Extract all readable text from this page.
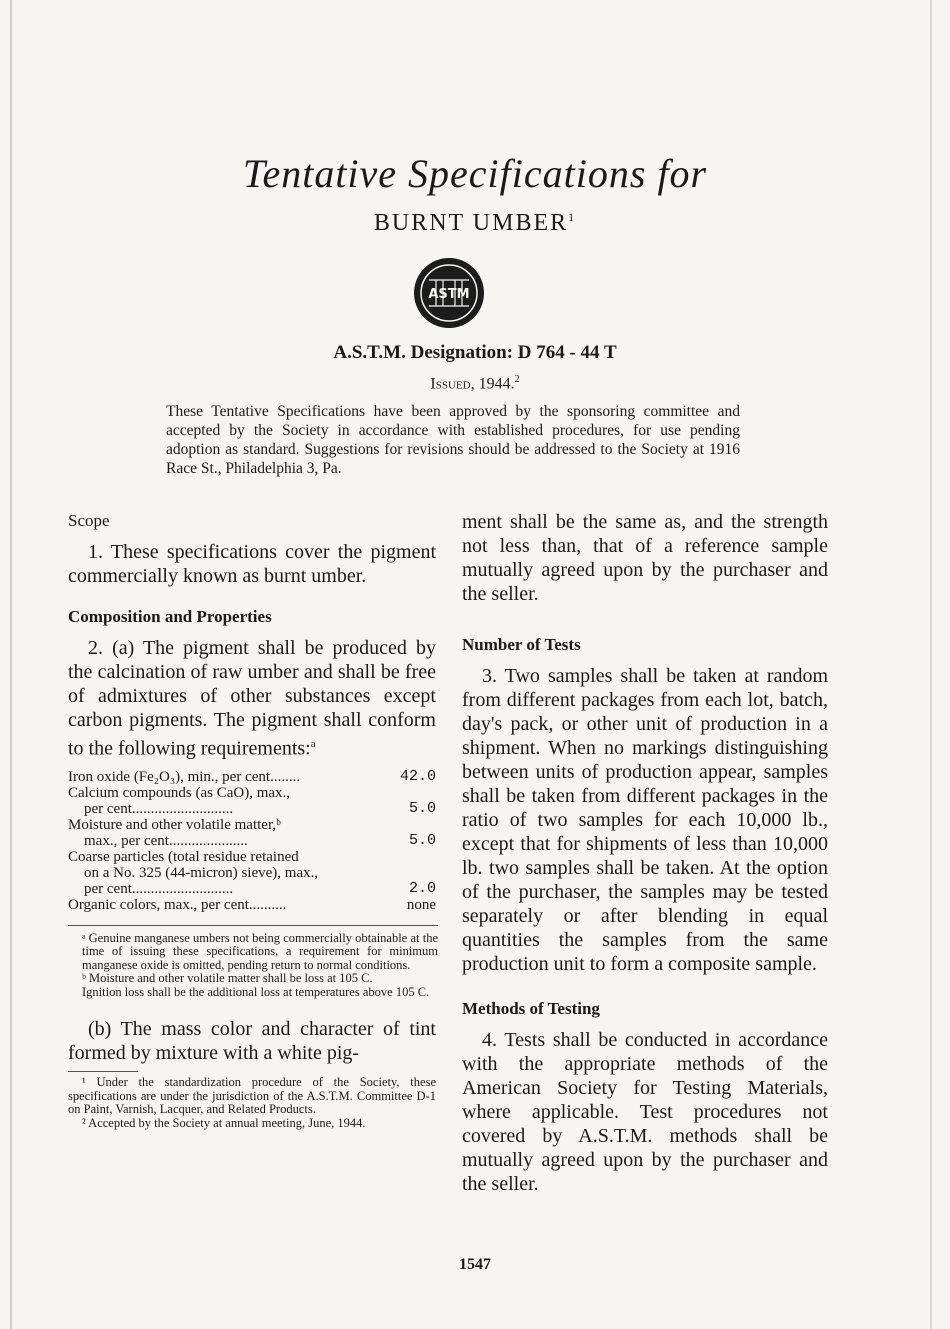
Tentative Specifications for

BURNT UMBER$^1$

ASTM
A.S.T.M. Designation: D 764 - 44 T
Issued, 1944.$^2$
These Tentative Specifications have been approved by the sponsoring committee and accepted by the Society in accordance with established procedures, for use pending adoption as standard. Suggestions for revisions should be addressed to the Society at 1916 Race St., Philadelphia 3, Pa.

Scope

1. These specifications cover the pigment commercially known as burnt umber.

Composition and Properties

2. (a) The pigment shall be produced by the calcination of raw umber and shall be free of admixtures of other substances except carbon pigments. The pigment shall conform to the following requirements:$^a$

Iron oxide (Fe₂O₃), min., per cent........	42.0

Calcium compounds (as CaO), max.,
per cent...........................	5.0

Moisture and other volatile matter,ᵇ
max., per cent.....................	5.0

Coarse particles (total residue retained
on a No. 325 (44-micron) sieve), max.,
per cent...........................	2.0

Organic colors, max., per cent..........	none

ᵃ Genuine manganese umbers not being commercially obtainable at the time of issuing these specifications, a requirement for minimum manganese oxide is omitted, pending return to normal conditions.

ᵇ Moisture and other volatile matter shall be loss at 105 C.

Ignition loss shall be the additional loss at temperatures above 105 C.

(b) The mass color and character of tint formed by mixture with a white pig-

¹ Under the standardization procedure of the Society, these specifications are under the jurisdiction of the A.S.T.M. Committee D-1 on Paint, Varnish, Lacquer, and Related Products.

² Accepted by the Society at annual meeting, June, 1944.

ment shall be the same as, and the strength not less than, that of a reference sample mutually agreed upon by the purchaser and the seller.

Number of Tests

3. Two samples shall be taken at random from different packages from each lot, batch, day's pack, or other unit of production in a shipment. When no markings distinguishing between units of production appear, samples shall be taken from different packages in the ratio of two samples for each 10,000 lb., except that for shipments of less than 10,000 lb. two samples shall be taken. At the option of the purchaser, the samples may be tested separately or after blending in equal quantities the samples from the same production unit to form a composite sample.

Methods of Testing

4. Tests shall be conducted in accordance with the appropriate methods of the American Society for Testing Materials, where applicable. Test procedures not covered by A.S.T.M. methods shall be mutually agreed upon by the purchaser and the seller.

1547
